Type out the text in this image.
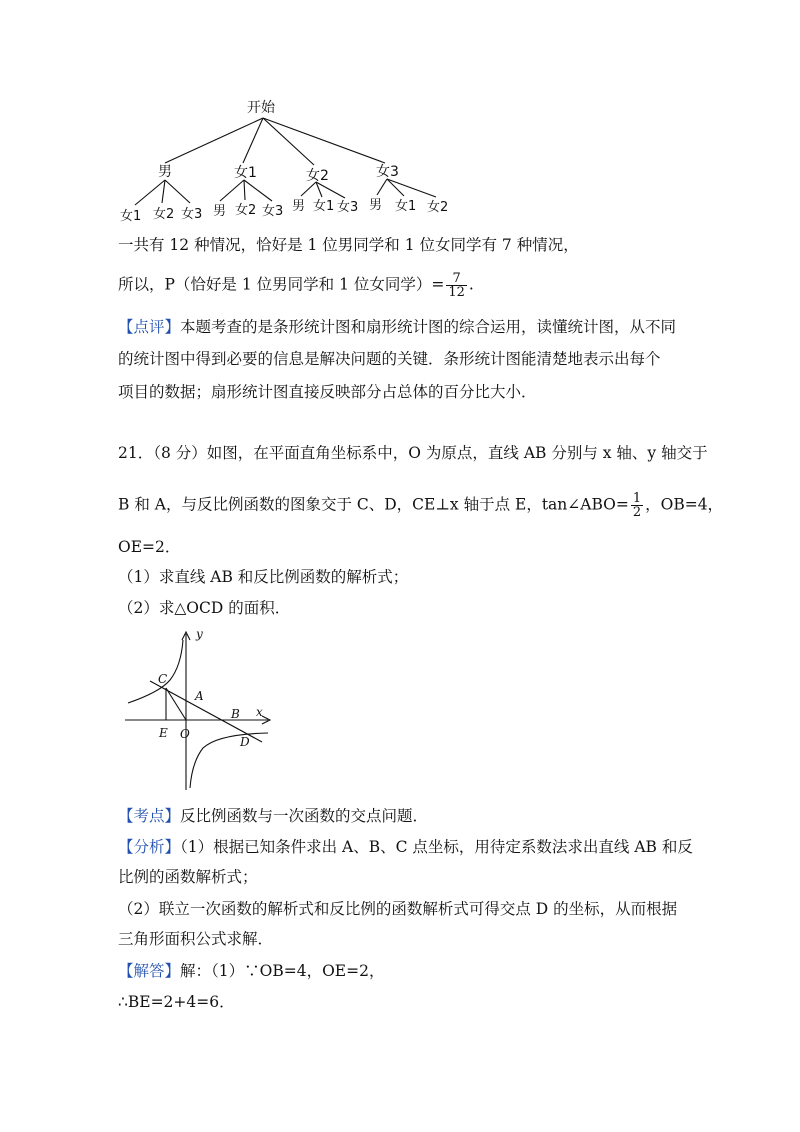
开始
男	女1	女2	女3
女1 女2 女3 男 女2 女3 男 女1 女3 男 女1 女2
一共有 12 种情况，恰好是 1 位男同学和 1 位女同学有 7 种情况，
所以，P（恰好是 1 位男同学和 1 位女同学）= $\frac{7}{12}$ .
【点评】本题考查的是条形统计图和扇形统计图的综合运用，读懂统计图，从不同
的统计图中得到必要的信息是解决问题的关键．条形统计图能清楚地表示出每个
项目的数据；扇形统计图直接反映部分占总体的百分比大小．
21．（8 分）如图，在平面直角坐标系中，O 为原点，直线 AB 分别与 x 轴、y 轴交于
B 和 A，与反比例函数的图象交于 C、D，CE⊥x 轴于点 E，tan∠ABO= $\frac{1}{2}$ ，OB=4，
OE=2．
（1）求直线 AB 和反比例函数的解析式；
（2）求△OCD 的面积．
y
x
C
A
B
E O
D
【考点】反比例函数与一次函数的交点问题．
【分析】（1）根据已知条件求出 A、B、C 点坐标，用待定系数法求出直线 AB 和反
比例的函数解析式；
（2）联立一次函数的解析式和反比例的函数解析式可得交点 D 的坐标，从而根据
三角形面积公式求解．
【解答】解：（1）∵OB=4，OE=2，
∴BE=2+4=6．
